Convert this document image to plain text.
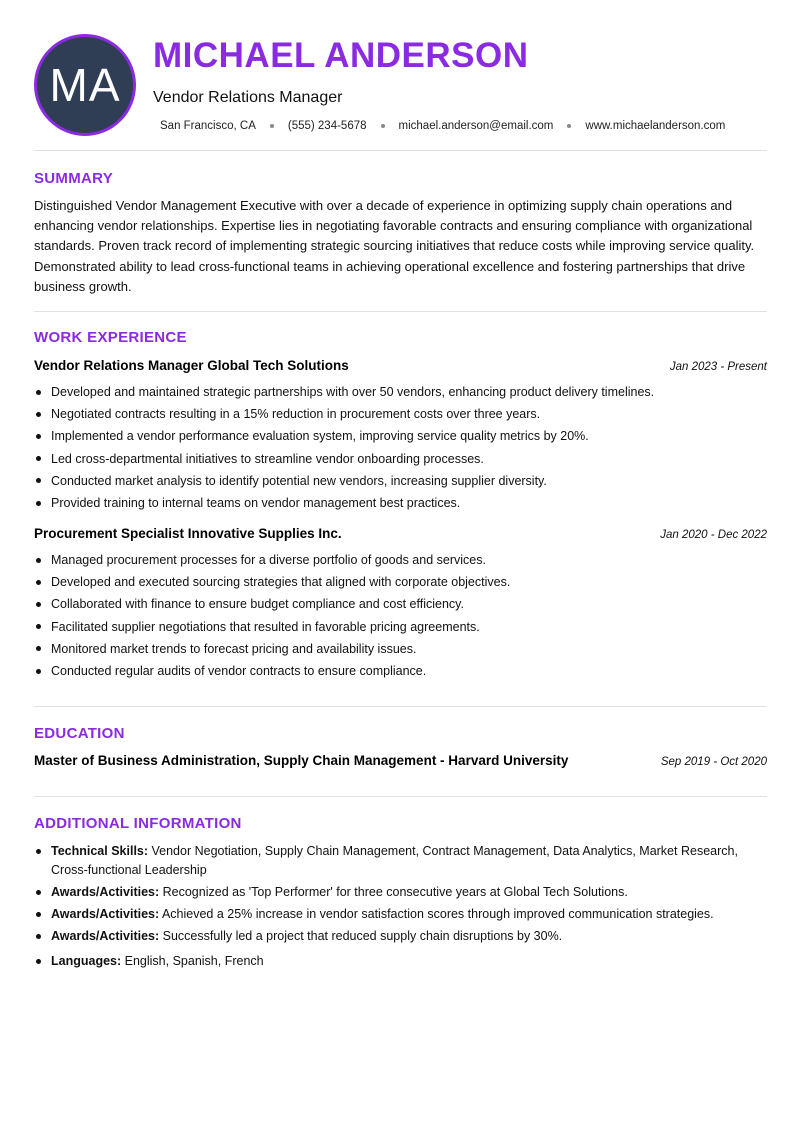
MA
MICHAEL ANDERSON
Vendor Relations Manager
San Francisco, CA	(555) 234-5678	michael.anderson@email.com	www.michaelanderson.com
SUMMARY
Distinguished Vendor Management Executive with over a decade of experience in optimizing supply chain operations and enhancing vendor relationships. Expertise lies in negotiating favorable contracts and ensuring compliance with organizational standards. Proven track record of implementing strategic sourcing initiatives that reduce costs while improving service quality. Demonstrated ability to lead cross-functional teams in achieving operational excellence and fostering partnerships that drive business growth.
WORK EXPERIENCE
Vendor Relations Manager Global Tech Solutions	Jan 2023 - Present
Developed and maintained strategic partnerships with over 50 vendors, enhancing product delivery timelines.
Negotiated contracts resulting in a 15% reduction in procurement costs over three years.
Implemented a vendor performance evaluation system, improving service quality metrics by 20%.
Led cross-departmental initiatives to streamline vendor onboarding processes.
Conducted market analysis to identify potential new vendors, increasing supplier diversity.
Provided training to internal teams on vendor management best practices.
Procurement Specialist Innovative Supplies Inc.	Jan 2020 - Dec 2022
Managed procurement processes for a diverse portfolio of goods and services.
Developed and executed sourcing strategies that aligned with corporate objectives.
Collaborated with finance to ensure budget compliance and cost efficiency.
Facilitated supplier negotiations that resulted in favorable pricing agreements.
Monitored market trends to forecast pricing and availability issues.
Conducted regular audits of vendor contracts to ensure compliance.
EDUCATION
Master of Business Administration, Supply Chain Management - Harvard University	Sep 2019 - Oct 2020
ADDITIONAL INFORMATION
Technical Skills: Vendor Negotiation, Supply Chain Management, Contract Management, Data Analytics, Market Research, Cross-functional Leadership
Awards/Activities: Recognized as 'Top Performer' for three consecutive years at Global Tech Solutions.
Awards/Activities: Achieved a 25% increase in vendor satisfaction scores through improved communication strategies.
Awards/Activities: Successfully led a project that reduced supply chain disruptions by 30%.
Languages: English, Spanish, French
